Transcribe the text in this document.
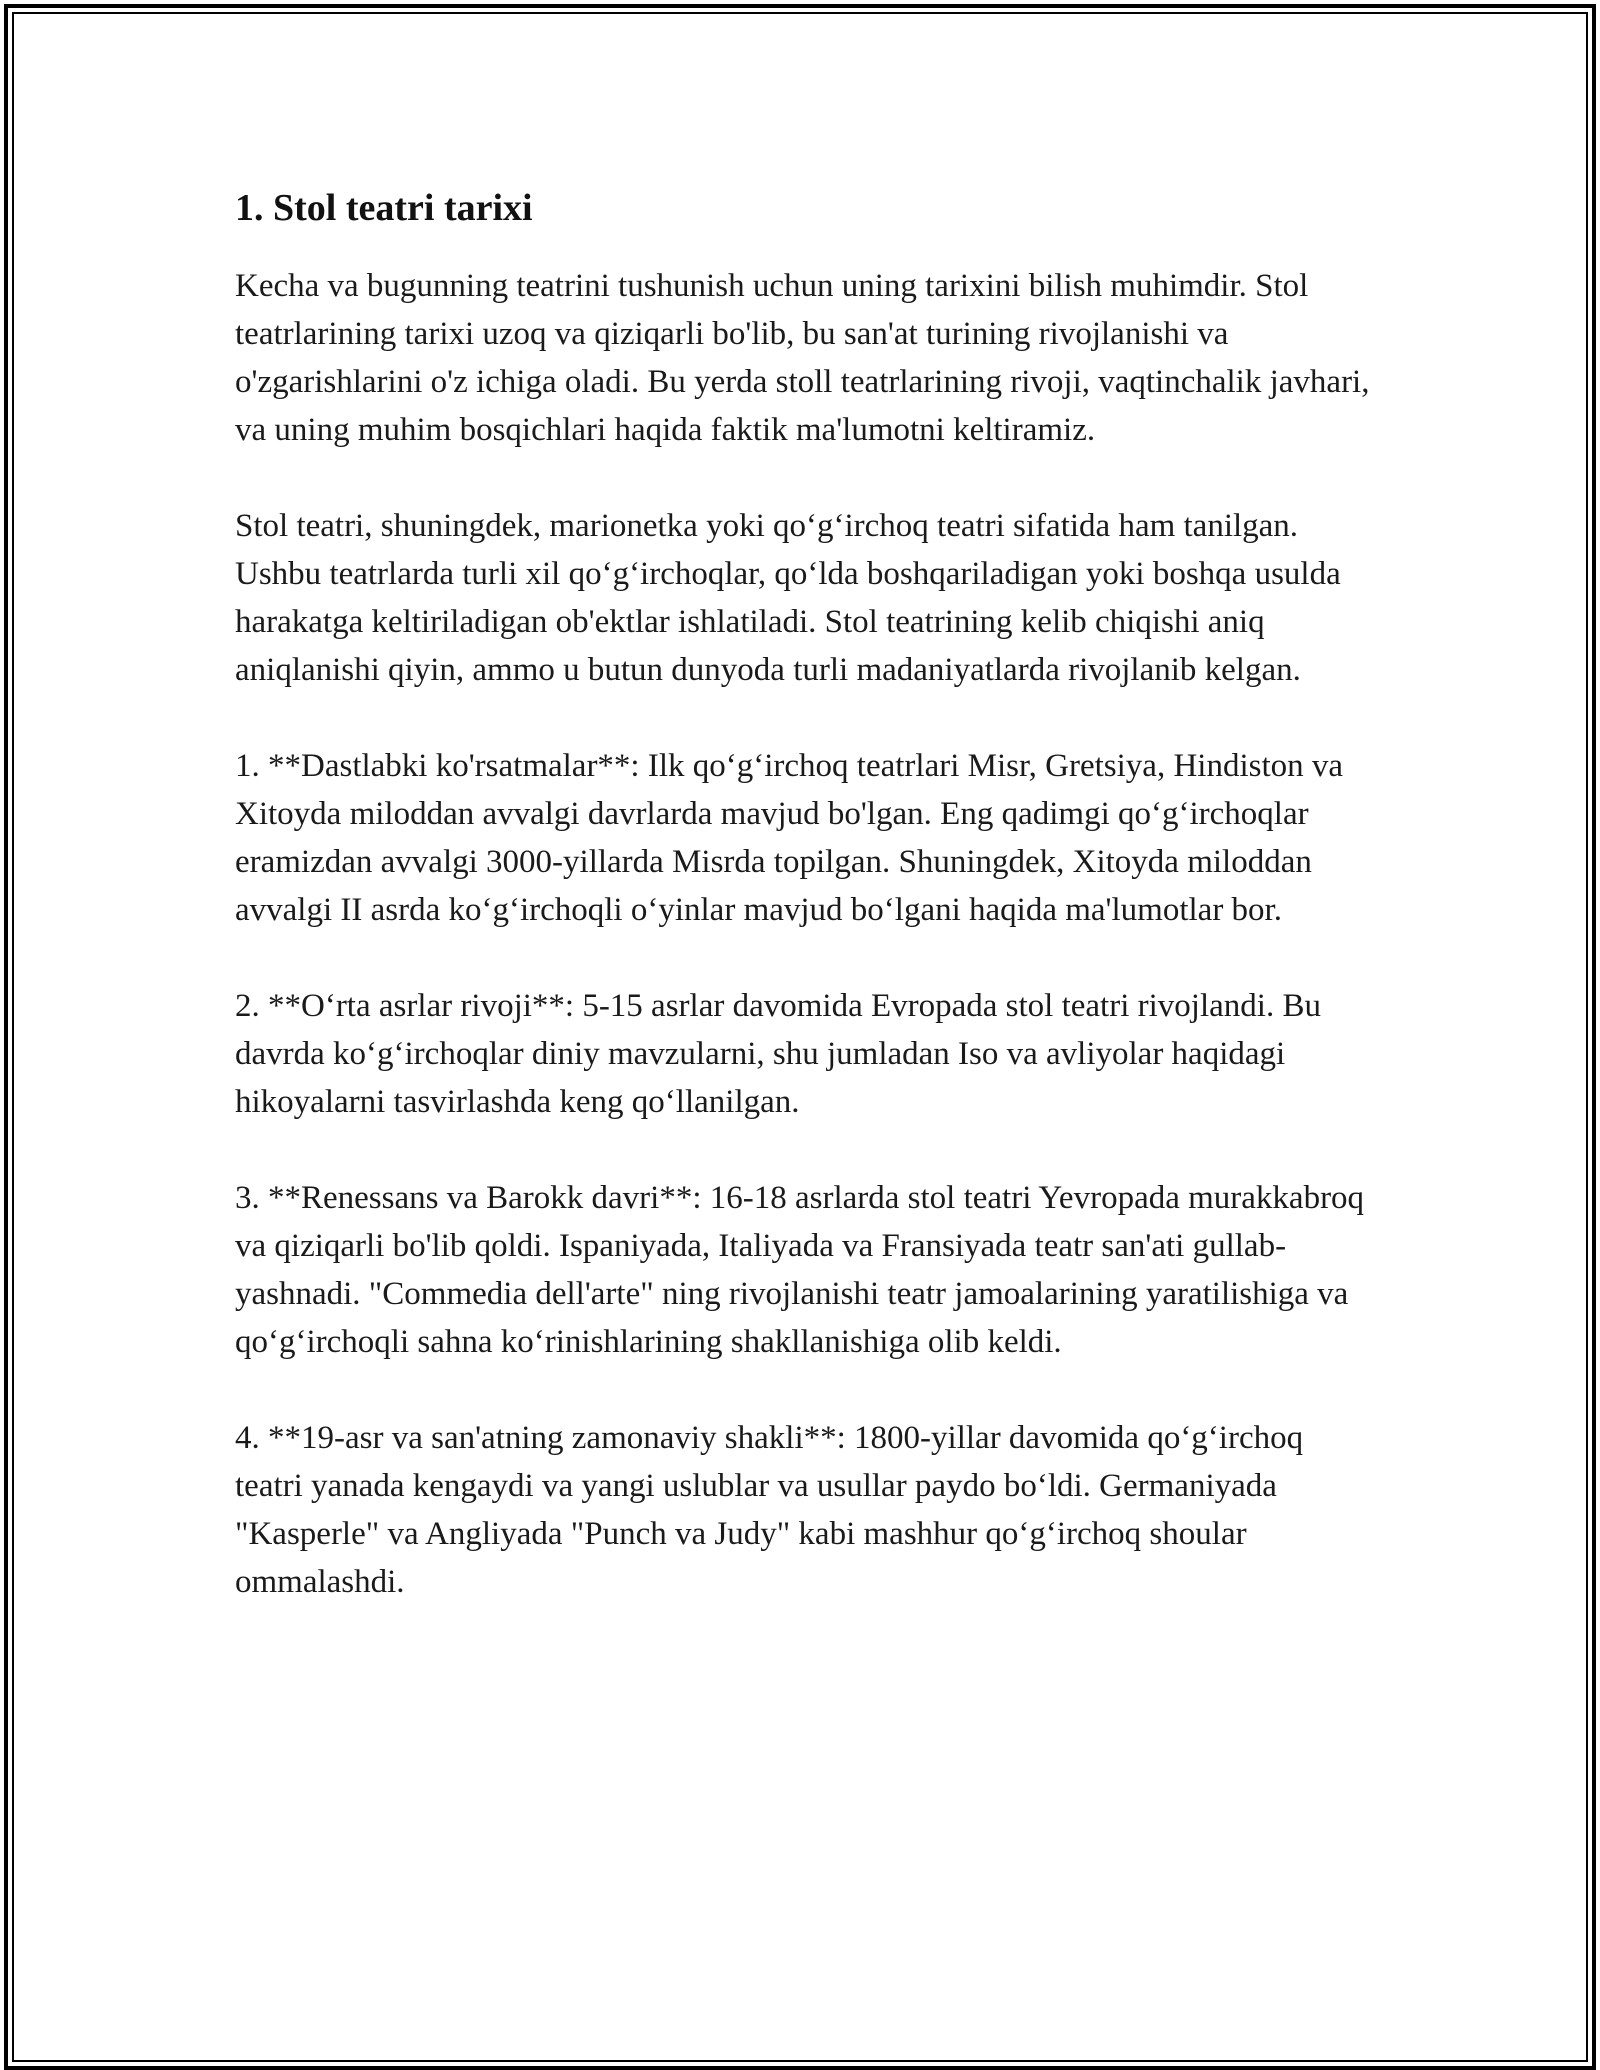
1. Stol teatri tarixi

Kecha va bugunning teatrini tushunish uchun uning tarixini bilish muhimdir. Stol teatrlarining tarixi uzoq va qiziqarli bo'lib, bu san'at turining rivojlanishi va o'zgarishlarini o'z ichiga oladi. Bu yerda stoll teatrlarining rivoji, vaqtinchalik javhari, va uning muhim bosqichlari haqida faktik ma'lumotni keltiramiz.

Stol teatri, shuningdek, marionetka yoki qo‘g‘irchoq teatri sifatida ham tanilgan. Ushbu teatrlarda turli xil qo‘g‘irchoqlar, qo‘lda boshqariladigan yoki boshqa usulda harakatga keltiriladigan ob'ektlar ishlatiladi. Stol teatrining kelib chiqishi aniq aniqlanishi qiyin, ammo u butun dunyoda turli madaniyatlarda rivojlanib kelgan.

1. **Dastlabki ko'rsatmalar**: Ilk qo‘g‘irchoq teatrlari Misr, Gretsiya, Hindiston va Xitoyda miloddan avvalgi davrlarda mavjud bo'lgan. Eng qadimgi qo‘g‘irchoqlar eramizdan avvalgi 3000-yillarda Misrda topilgan. Shuningdek, Xitoyda miloddan avvalgi II asrda ko‘g‘irchoqli o‘yinlar mavjud bo‘lgani haqida ma'lumotlar bor.

2. **O‘rta asrlar rivoji**: 5-15 asrlar davomida Evropada stol teatri rivojlandi. Bu davrda ko‘g‘irchoqlar diniy mavzularni, shu jumladan Iso va avliyolar haqidagi hikoyalarni tasvirlashda keng qo‘llanilgan.

3. **Renessans va Barokk davri**: 16-18 asrlarda stol teatri Yevropada murakkabroq va qiziqarli bo'lib qoldi. Ispaniyada, Italiyada va Fransiyada teatr san'ati gullab-yashnadi. "Commedia dell'arte" ning rivojlanishi teatr jamoalarining yaratilishiga va qo‘g‘irchoqli sahna ko‘rinishlarining shakllanishiga olib keldi.

4. **19-asr va san'atning zamonaviy shakli**: 1800-yillar davomida qo‘g‘irchoq teatri yanada kengaydi va yangi uslublar va usullar paydo bo‘ldi. Germaniyada "Kasperle" va Angliyada "Punch va Judy" kabi mashhur qo‘g‘irchoq shoular ommalashdi.
